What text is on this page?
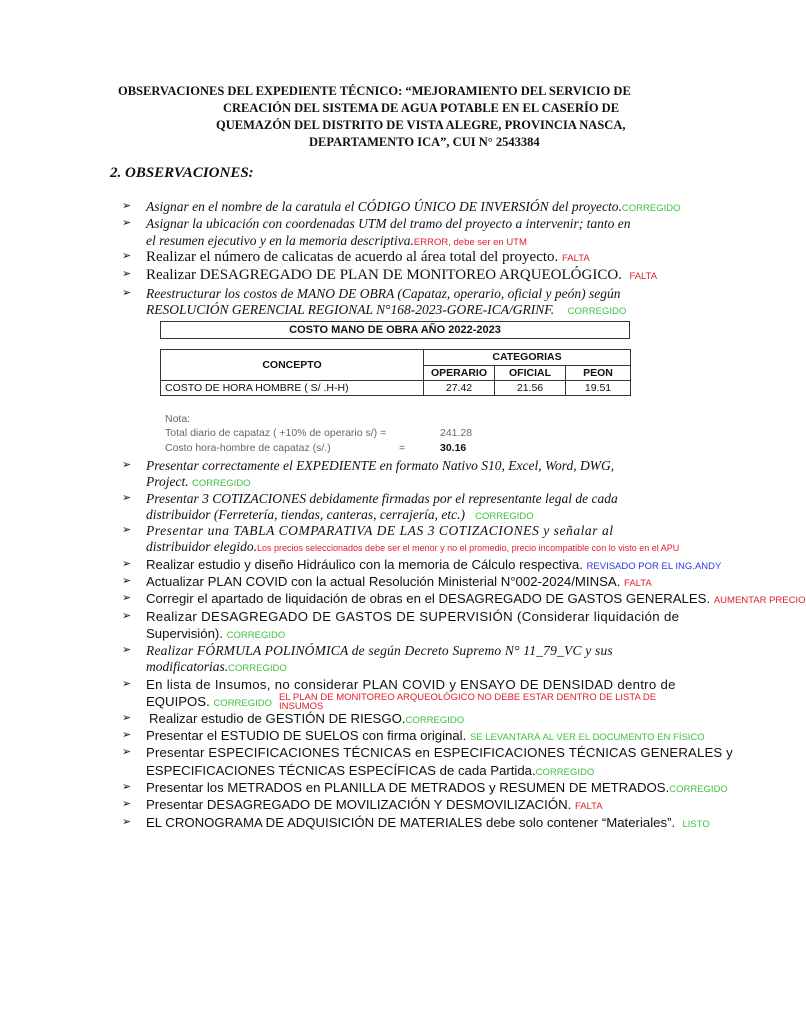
OBSERVACIONES DEL EXPEDIENTE TÉCNICO: “MEJORAMIENTO DEL SERVICIO DE
CREACIÓN DEL SISTEMA DE AGUA POTABLE EN EL CASERÍO DE
QUEMAZÓN DEL DISTRITO DE VISTA ALEGRE, PROVINCIA NASCA,
DEPARTAMENTO ICA”, CUI N° 2543384
2. OBSERVACIONES:
➢ Asignar en el nombre de la caratula el CÓDIGO ÚNICO DE INVERSIÓN del proyecto.CORREGIDO
➢ Asignar la ubicación con coordenadas UTM del tramo del proyecto a intervenir; tanto en
el resumen ejecutivo y en la memoria descriptiva.ERROR, debe ser en UTM
➢ Realizar el número de calicatas de acuerdo al área total del proyecto. FALTA
➢ Realizar DESAGREGADO DE PLAN DE MONITOREO ARQUEOLÓGICO. FALTA
➢ Reestructurar los costos de MANO DE OBRA (Capataz, operario, oficial y peón) según
RESOLUCIÓN GERENCIAL REGIONAL N°168-2023-GORE-ICA/GRINF. CORREGIDO
COSTO MANO DE OBRA AÑO 2022-2023
CONCEPTO	CATEGORIAS		
	OPERARIO	OFICIAL	PEON
COSTO DE HORA HOMBRE ( S/ .H-H)	27.42	21.56	19.51
Nota:
Total diario de capataz ( +10% de operario s/) =	241.28
Costo hora-hombre de capataz (s/.)	=	30.16
➢ Presentar correctamente el EXPEDIENTE en formato Nativo S10, Excel, Word, DWG,
Project. CORREGIDO
➢ Presentar 3 COTIZACIONES debidamente firmadas por el representante legal de cada
distribuidor (Ferretería, tiendas, canteras, cerrajería, etc.) CORREGIDO
➢ Presentar una TABLA COMPARATIVA DE LAS 3 COTIZACIONES y señalar al
distribuidor elegido.Los precios seleccionados debe ser el menor y no el promedio, precio incompatible con lo visto en el APU
➢ Realizar estudio y diseño Hidráulico con la memoria de Cálculo respectiva. REVISADO POR EL ING.ANDY
➢ Actualizar PLAN COVID con la actual Resolución Ministerial N°002-2024/MINSA. FALTA
➢ Corregir el apartado de liquidación de obras en el DESAGREGADO DE GASTOS GENERALES. AUMENTAR PRECIO
➢ Realizar DESAGREGADO DE GASTOS DE SUPERVISIÓN (Considerar liquidación de
Supervisión). CORREGIDO
➢ Realizar FÓRMULA POLINÓMICA de según Decreto Supremo N° 11_79_VC y sus
modificatorias.CORREGIDO
➢ En lista de Insumos, no considerar PLAN COVID y ENSAYO DE DENSIDAD dentro de
EQUIPOS. CORREGIDO
EL PLAN DE MONITOREO ARQUEOLÓGICO NO DEBE ESTAR DENTRO DE LISTA DE INSUMOS
➢ Realizar estudio de GESTIÓN DE RIESGO.CORREGIDO
➢ Presentar el ESTUDIO DE SUELOS con firma original. SE LEVANTARÁ AL VER EL DOCUMENTO EN FÍSICO
➢ Presentar ESPECIFICACIONES TÉCNICAS en ESPECIFICACIONES TÉCNICAS GENERALES y
ESPECIFICACIONES TÉCNICAS ESPECÍFICAS de cada Partida.CORREGIDO
➢ Presentar los METRADOS en PLANILLA DE METRADOS y RESUMEN DE METRADOS.CORREGIDO
➢ Presentar DESAGREGADO DE MOVILIZACIÓN Y DESMOVILIZACIÓN. FALTA
➢ EL CRONOGRAMA DE ADQUISICIÓN DE MATERIALES debe solo contener “Materiales”. LISTO
